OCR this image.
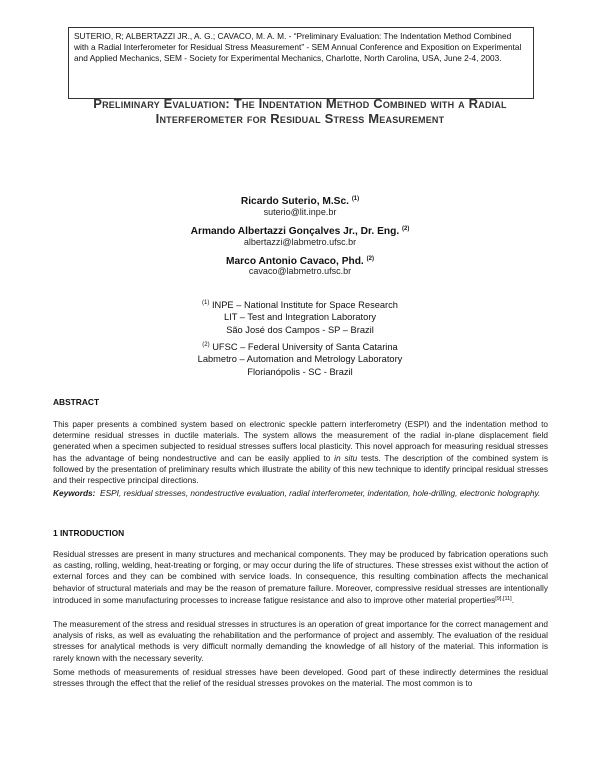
SUTERIO, R; ALBERTAZZI JR., A. G.; CAVACO, M. A. M. - “Preliminary Evaluation: The Indentation Method Combined with a Radial Interferometer for Residual Stress Measurement” - SEM Annual Conference and Exposition on Experimental and Applied Mechanics, SEM - Society for Experimental Mechanics, Charlotte, North Carolina, USA, June 2-4, 2003.
Preliminary Evaluation: The Indentation Method Combined with a Radial
Interferometer for Residual Stress Measurement
Ricardo Suterio, M.Sc. $^{(1)}$
suterio@lit.inpe.br
Armando Albertazzi Gonçalves Jr., Dr. Eng. $^{(2)}$
albertazzi@labmetro.ufsc.br
Marco Antonio Cavaco, Phd. $^{(2)}$
cavaco@labmetro.ufsc.br
$^{(1)}$ INPE – National Institute for Space Research
LIT – Test and Integration Laboratory
São José dos Campos - SP – Brazil
$^{(2)}$ UFSC – Federal University of Santa Catarina
Labmetro – Automation and Metrology Laboratory
Florianópolis - SC - Brazil
ABSTRACT
This paper presents a combined system based on electronic speckle pattern interferometry (ESPI) and the indentation method to determine residual stresses in ductile materials. The system allows the measurement of the radial in-plane displacement field generated when a specimen subjected to residual stresses suffers local plasticity. This novel approach for measuring residual stresses has the advantage of being nondestructive and can be easily applied to in situ tests. The description of the combined system is followed by the presentation of preliminary results which illustrate the ability of this new technique to identify principal residual stresses and their respective principal directions.
Keywords: ESPI, residual stresses, nondestructive evaluation, radial interferometer, indentation, hole-drilling, electronic holography.
1 INTRODUCTION
Residual stresses are present in many structures and mechanical components. They may be produced by fabrication operations such as casting, rolling, welding, heat-treating or forging, or may occur during the life of structures. These stresses exist without the action of external forces and they can be combined with service loads. In consequence, this resulting combination affects the mechanical behavior of structural materials and may be the reason of premature failure. Moreover, compressive residual stresses are intentionally introduced in some manufacturing processes to increase fatigue resistance and also to improve other material properties[9],[11].
The measurement of the stress and residual stresses in structures is an operation of great importance for the correct management and analysis of risks, as well as evaluating the rehabilitation and the performance of project and assembly. The evaluation of the residual stresses for analytical methods is very difficult normally demanding the knowledge of all history of the material. This information is rarely known with the necessary severity.
Some methods of measurements of residual stresses have been developed. Good part of these indirectly determines the residual stresses through the effect that the relief of the residual stresses provokes on the material. The most common is to
